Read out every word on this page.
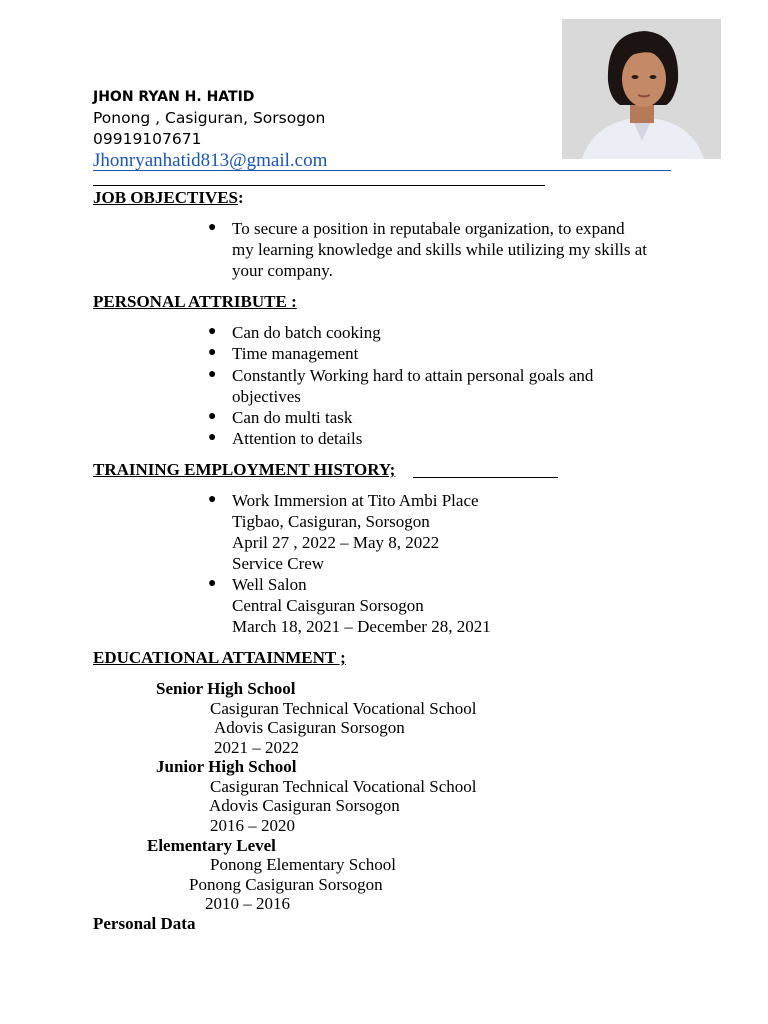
JHON RYAN H. HATID
Ponong , Casiguran, Sorsogon
09919107671
Jhonryanhatid813@gmail.com
JOB OBJECTIVES:
● To secure a position in reputabale organization, to expand
my learning knowledge and skills while utilizing my skills at
your company.
PERSONAL ATTRIBUTE :
● Can do batch cooking
● Time management
● Constantly Working hard to attain personal goals and
objectives
● Can do multi task
● Attention to details
TRAINING EMPLOYMENT HISTORY;
● Work Immersion at Tito Ambi Place
Tigbao, Casiguran, Sorsogon
April 27 , 2022 – May 8, 2022
Service Crew
● Well Salon
Central Caisguran Sorsogon
March 18, 2021 – December 28, 2021
EDUCATIONAL ATTAINMENT ;
Senior High School
Casiguran Technical Vocational School
Adovis Casiguran Sorsogon
2021 – 2022
Junior High School
Casiguran Technical Vocational School
Adovis Casiguran Sorsogon
2016 – 2020
Elementary Level
Ponong Elementary School
Ponong Casiguran Sorsogon
2010 – 2016
Personal Data
